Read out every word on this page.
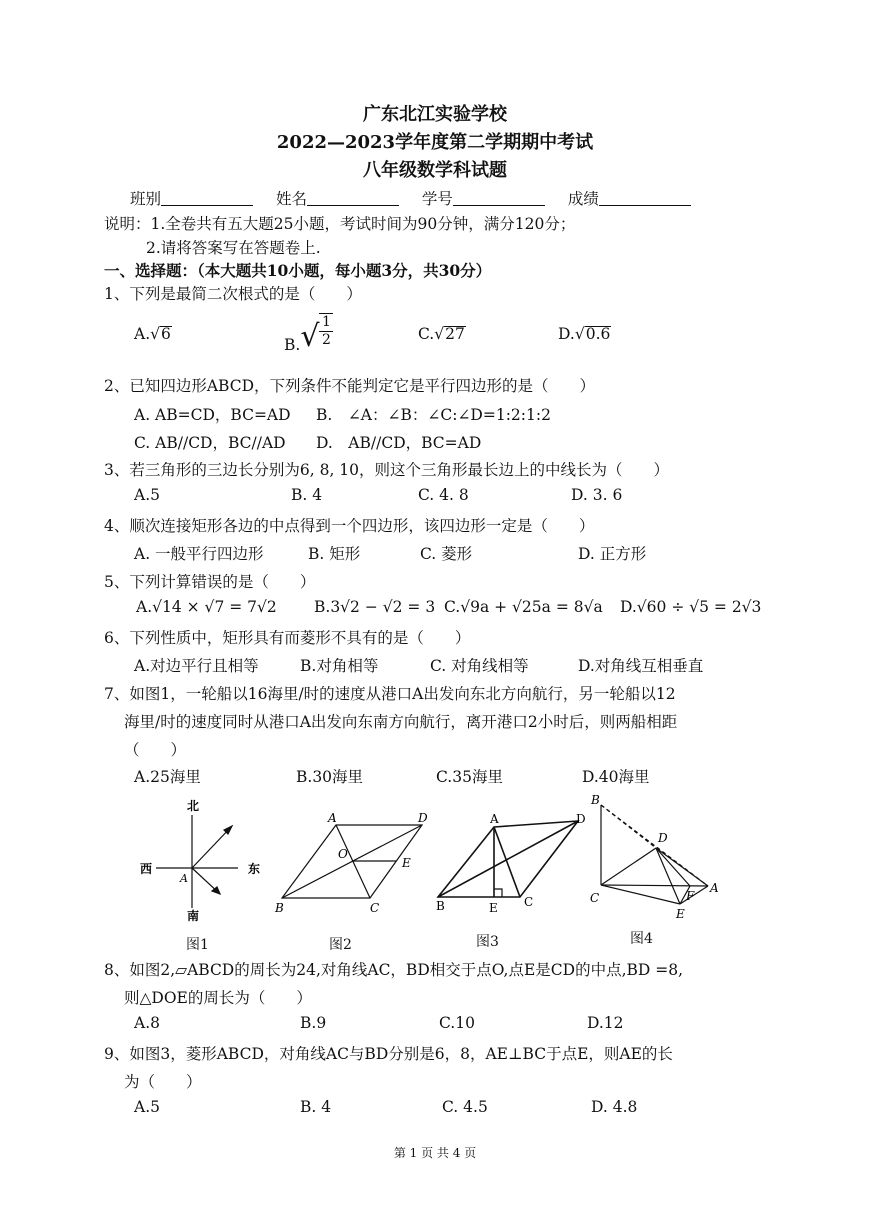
广东北江实验学校
2022—2023学年度第二学期期中考试
八年级数学科试题
班别	姓名	学号	成绩
说明：1.全卷共有五大题25小题，考试时间为90分钟，满分120分；
2.请将答案写在答题卷上.
一、选择题：（本大题共10小题，每小题3分，共30分）
1、下列是最简二次根式的是（　　）
A.√6
$B.√ \frac{1}{2}$	C.√27	D.√0.6
2、已知四边形ABCD，下列条件不能判定它是平行四边形的是（　　）
A. AB=CD，BC=AD B.　∠A：∠B：∠C:∠D=1:2:1:2
C. AB//CD，BC//AD D.　AB//CD，BC=AD
3、若三角形的三边长分别为6, 8, 10，则这个三角形最长边上的中线长为（　　）
A.5	B. 4	C. 4. 8	D. 3. 6
4、顺次连接矩形各边的中点得到一个四边形，该四边形一定是（　　）
A. 一般平行四边形	B. 矩形	C. 菱形	D. 正方形
5、下列计算错误的是（　　）
A.√14 × √7 = 7√2 B.3√2 − √2 = 3 C.√9a + √25a = 8√a D.√60 ÷ √5 = 2√3
6、下列性质中，矩形具有而菱形不具有的是（　　）
A.对边平行且相等	B.对角相等	C. 对角线相等	D.对角线互相垂直
7、如图1，一轮船以16海里/时的速度从港口A出发向东北方向航行，另一轮船以12
海里/时的速度同时从港口A出发向东南方向航行，离开港口2小时后，则两船相距
（　　）
A.25海里	B.30海里	C.35海里	D.40海里
北
南
西	东
A
A	D
B	C
O
E
A	D
B	E C
B
D
C
A
F
E
图1	图2	图3	图4
8、如图2,▱ABCD的周长为24,对角线AC，BD相交于点O,点E是CD的中点,BD =8,
则△DOE的周长为（　　）
A.8	B.9	C.10	D.12
9、如图3，菱形ABCD，对角线AC与BD分别是6，8，AE⊥BC于点E，则AE的长
为（　　）
A.5	B. 4	C. 4.5	D. 4.8
第 1 页 共 4 页
